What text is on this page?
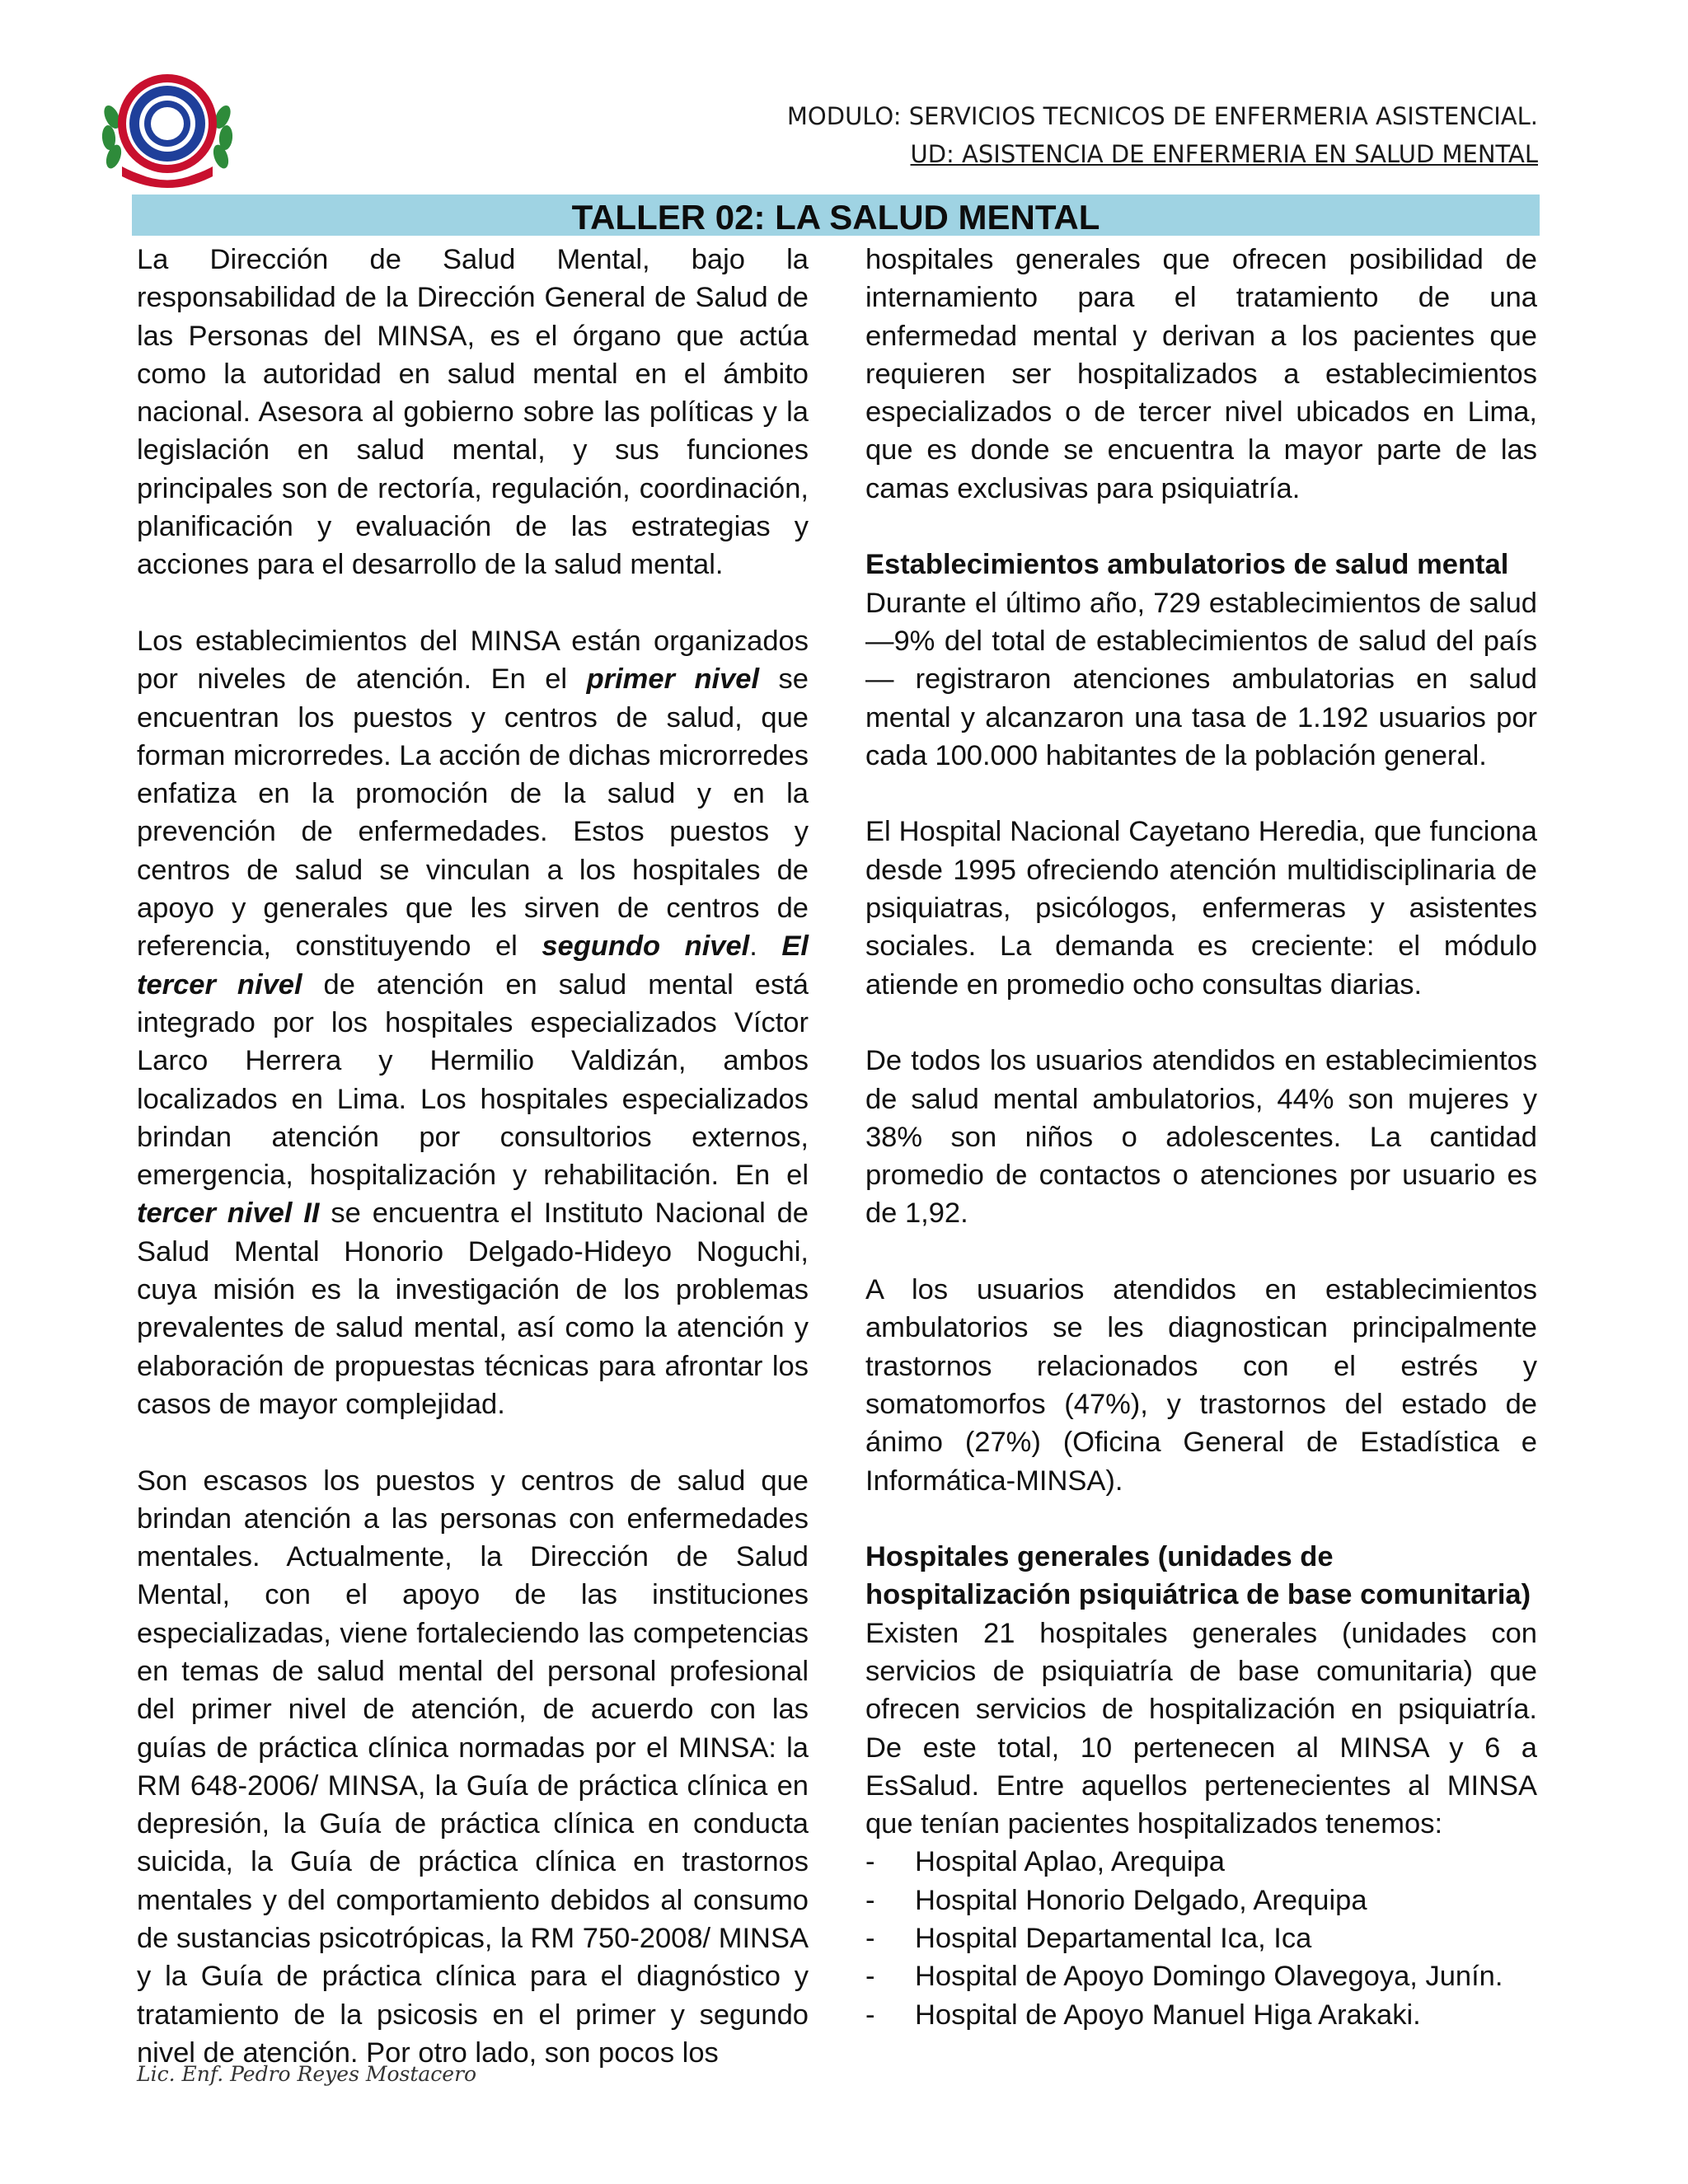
MODULO: SERVICIOS TECNICOS DE ENFERMERIA ASISTENCIAL.
UD: ASISTENCIA DE ENFERMERIA EN SALUD MENTAL
TALLER 02: LA SALUD MENTAL

La Dirección de Salud Mental, bajo la responsabilidad de la Dirección General de Salud de las Personas del MINSA, es el órgano que actúa como la autoridad en salud mental en el ámbito nacional. Asesora al gobierno sobre las políticas y la legislación en salud mental, y sus funciones principales son de rectoría, regulación, coordinación, planificación y evaluación de las estrategias y acciones para el desarrollo de la salud mental.

Los establecimientos del MINSA están organizados por niveles de atención. En el primer nivel se encuentran los puestos y centros de salud, que forman microrredes. La acción de dichas microrredes enfatiza en la promoción de la salud y en la prevención de enfermedades. Estos puestos y centros de salud se vinculan a los hospitales de apoyo y generales que les sirven de centros de referencia, constituyendo el segundo nivel. El tercer nivel de atención en salud mental está integrado por los hospitales especializados Víctor Larco Herrera y Hermilio Valdizán, ambos localizados en Lima. Los hospitales especializados brindan atención por consultorios externos, emergencia, hospitalización y rehabilitación. En el tercer nivel II se encuentra el Instituto Nacional de Salud Mental Honorio Delgado-Hideyo Noguchi, cuya misión es la investigación de los problemas prevalentes de salud mental, así como la atención y elaboración de propuestas técnicas para afrontar los casos de mayor complejidad.

Son escasos los puestos y centros de salud que brindan atención a las personas con enfermedades mentales. Actualmente, la Dirección de Salud Mental, con el apoyo de las instituciones especializadas, viene fortaleciendo las competencias en temas de salud mental del personal profesional del primer nivel de atención, de acuerdo con las guías de práctica clínica normadas por el MINSA: la RM 648-2006/ MINSA, la Guía de práctica clínica en depresión, la Guía de práctica clínica en conducta suicida, la Guía de práctica clínica en trastornos mentales y del comportamiento debidos al consumo de sustancias psicotrópicas, la RM 750-2008/ MINSA y la Guía de práctica clínica para el diagnóstico y tratamiento de la psicosis en el primer y segundo nivel de atención. Por otro lado, son pocos los

hospitales generales que ofrecen posibilidad de internamiento para el tratamiento de una enfermedad mental y derivan a los pacientes que requieren ser hospitalizados a establecimientos especializados o de tercer nivel ubicados en Lima, que es donde se encuentra la mayor parte de las camas exclusivas para psiquiatría.

Establecimientos ambulatorios de salud mental

Durante el último año, 729 establecimientos de salud —9% del total de establecimientos de salud del país— registraron atenciones ambulatorias en salud mental y alcanzaron una tasa de 1.192 usuarios por cada 100.000 habitantes de la población general.

El Hospital Nacional Cayetano Heredia, que funciona desde 1995 ofreciendo atención multidisciplinaria de psiquiatras, psicólogos, enfermeras y asistentes sociales. La demanda es creciente: el módulo atiende en promedio ocho consultas diarias.

De todos los usuarios atendidos en establecimientos de salud mental ambulatorios, 44% son mujeres y 38% son niños o adolescentes. La cantidad promedio de contactos o atenciones por usuario es de 1,92.

A los usuarios atendidos en establecimientos ambulatorios se les diagnostican principalmente trastornos relacionados con el estrés y somatomorfos (47%), y trastornos del estado de ánimo (27%) (Oficina General de Estadística e Informática-MINSA).

Hospitales generales (unidades de hospitalización psiquiátrica de base comunitaria)

Existen 21 hospitales generales (unidades con servicios de psiquiatría de base comunitaria) que ofrecen servicios de hospitalización en psiquiatría. De este total, 10 pertenecen al MINSA y 6 a EsSalud. Entre aquellos pertenecientes al MINSA que tenían pacientes hospitalizados tenemos:

- Hospital Aplao, Arequipa
- Hospital Honorio Delgado, Arequipa
- Hospital Departamental Ica, Ica
- Hospital de Apoyo Domingo Olavegoya, Junín.
- Hospital de Apoyo Manuel Higa Arakaki.
Lic. Enf. Pedro Reyes Mostacero
